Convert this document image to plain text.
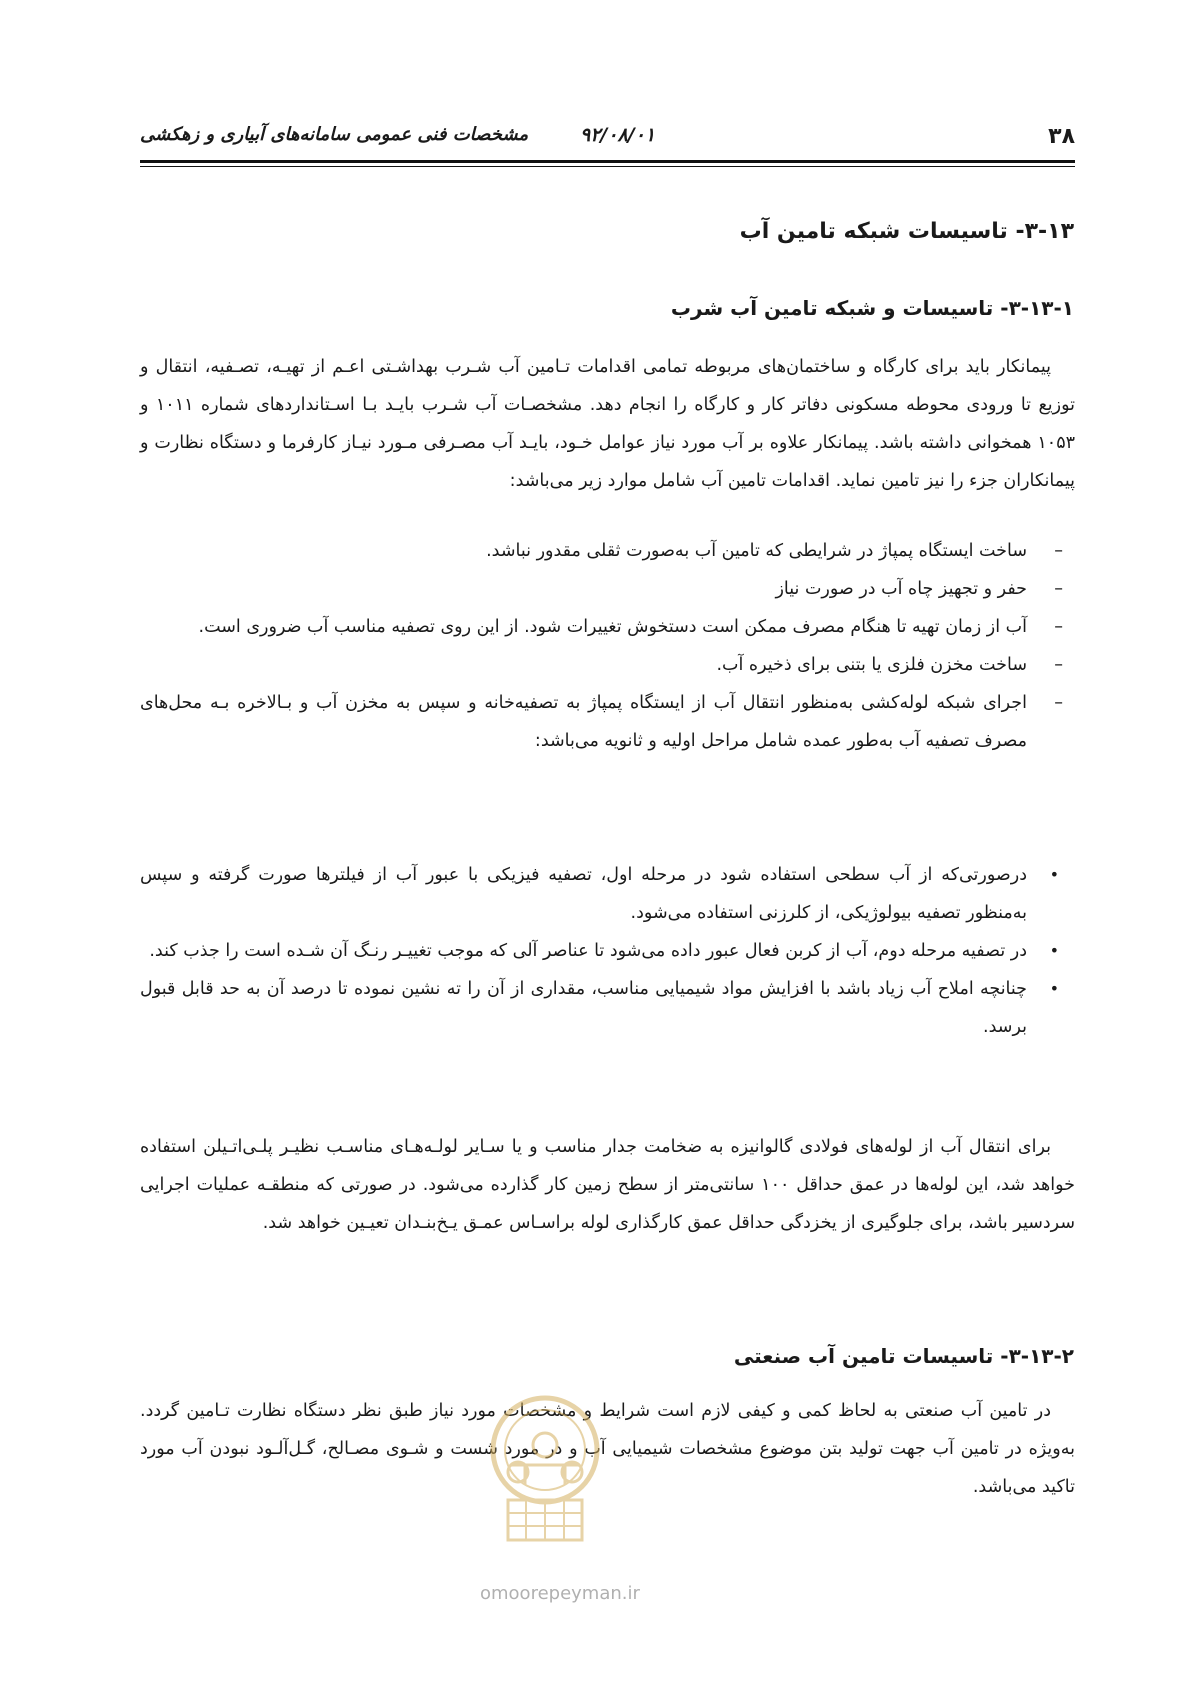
۳۸
۹۲/۰۸/۰۱
مشخصات فنی عمومی سامانه‌های آبیاری و زهکشی
۳-۱۳- تاسیسات شبکه تامین آب
۳-۱۳-۱- تاسیسات و شبکه تامین آب شرب

پیمانکار باید برای کارگاه و ساختمان‌های مربوطه تمامی اقدامات تـامین آب شـرب بهداشـتی اعـم از تهیـه، تصـفیه، انتقال و توزیع تا ورودی محوطه مسکونی دفاتر کار و کارگاه را انجام دهد. مشخصـات آب شـرب بایـد بـا اسـتانداردهای شماره ۱۰۱۱ و ۱۰۵۳ همخوانی داشته باشد. پیمانکار علاوه بر آب مورد نیاز عوامل خـود، بایـد آب مصـرفی مـورد نیـاز کارفرما و دستگاه نظارت و پیمانکاران جزء را نیز تامین نماید. اقدامات تامین آب شامل موارد زیر می‌باشد:

–
ساخت ایستگاه پمپاژ در شرایطی که تامین آب به‌صورت ثقلی مقدور نباشد.
–
حفر و تجهیز چاه آب در صورت نیاز
–
آب از زمان تهیه تا هنگام مصرف ممکن است دستخوش تغییرات شود. از این روی تصفیه مناسب آب ضروری است.
–
ساخت مخزن فلزی یا بتنی برای ذخیره آب.
–
اجرای شبکه لوله‌کشی به‌منظور انتقال آب از ایستگاه پمپاژ به تصفیه‌خانه و سپس به مخزن آب و بـالاخره بـه محل‌های مصرف تصفیه آب به‌طور عمده شامل مراحل اولیه و ثانویه می‌باشد:
•
درصورتی‌که از آب سطحی استفاده شود در مرحله اول، تصفیه فیزیکی با عبور آب از فیلترها صورت گرفته و سپس به‌منظور تصفیه بیولوژیکی، از کلرزنی استفاده می‌شود.
•
در تصفیه مرحله دوم، آب از کربن فعال عبور داده می‌شود تا عناصر آلی که موجب تغییـر رنـگ آن شـده است را جذب کند.
•
چنانچه املاح آب زیاد باشد با افزایش مواد شیمیایی مناسب، مقداری از آن را ته نشین نموده تا درصد آن به حد قابل قبول برسد.

برای انتقال آب از لوله‌های فولادی گالوانیزه به ضخامت جدار مناسب و یا سـایر لولـه‌هـای مناسـب نظیـر پلـی‌اتـیلن استفاده خواهد شد، این لوله‌ها در عمق حداقل ۱۰۰ سانتی‌متر از سطح زمین کار گذارده می‌شود. در صورتی که منطقـه عملیات اجرایی سردسیر باشد، برای جلوگیری از یخزدگی حداقل عمق کارگذاری لوله براسـاس عمـق یـخ‌بنـدان تعیـین خواهد شد.

۳-۱۳-۲- تاسیسات تامین آب صنعتی

در تامین آب صنعتی به لحاظ کمی و کیفی لازم است شرایط و مشخصات مورد نیاز طبق نظر دستگاه نظارت تـامین گردد. به‌ویژه در تامین آب جهت تولید بتن موضوع مشخصات شیمیایی آب و در مورد شست و شـوی مصـالح، گـل‌آلـود نبودن آب مورد تاکید می‌باشد.

omoorepeyman.ir
